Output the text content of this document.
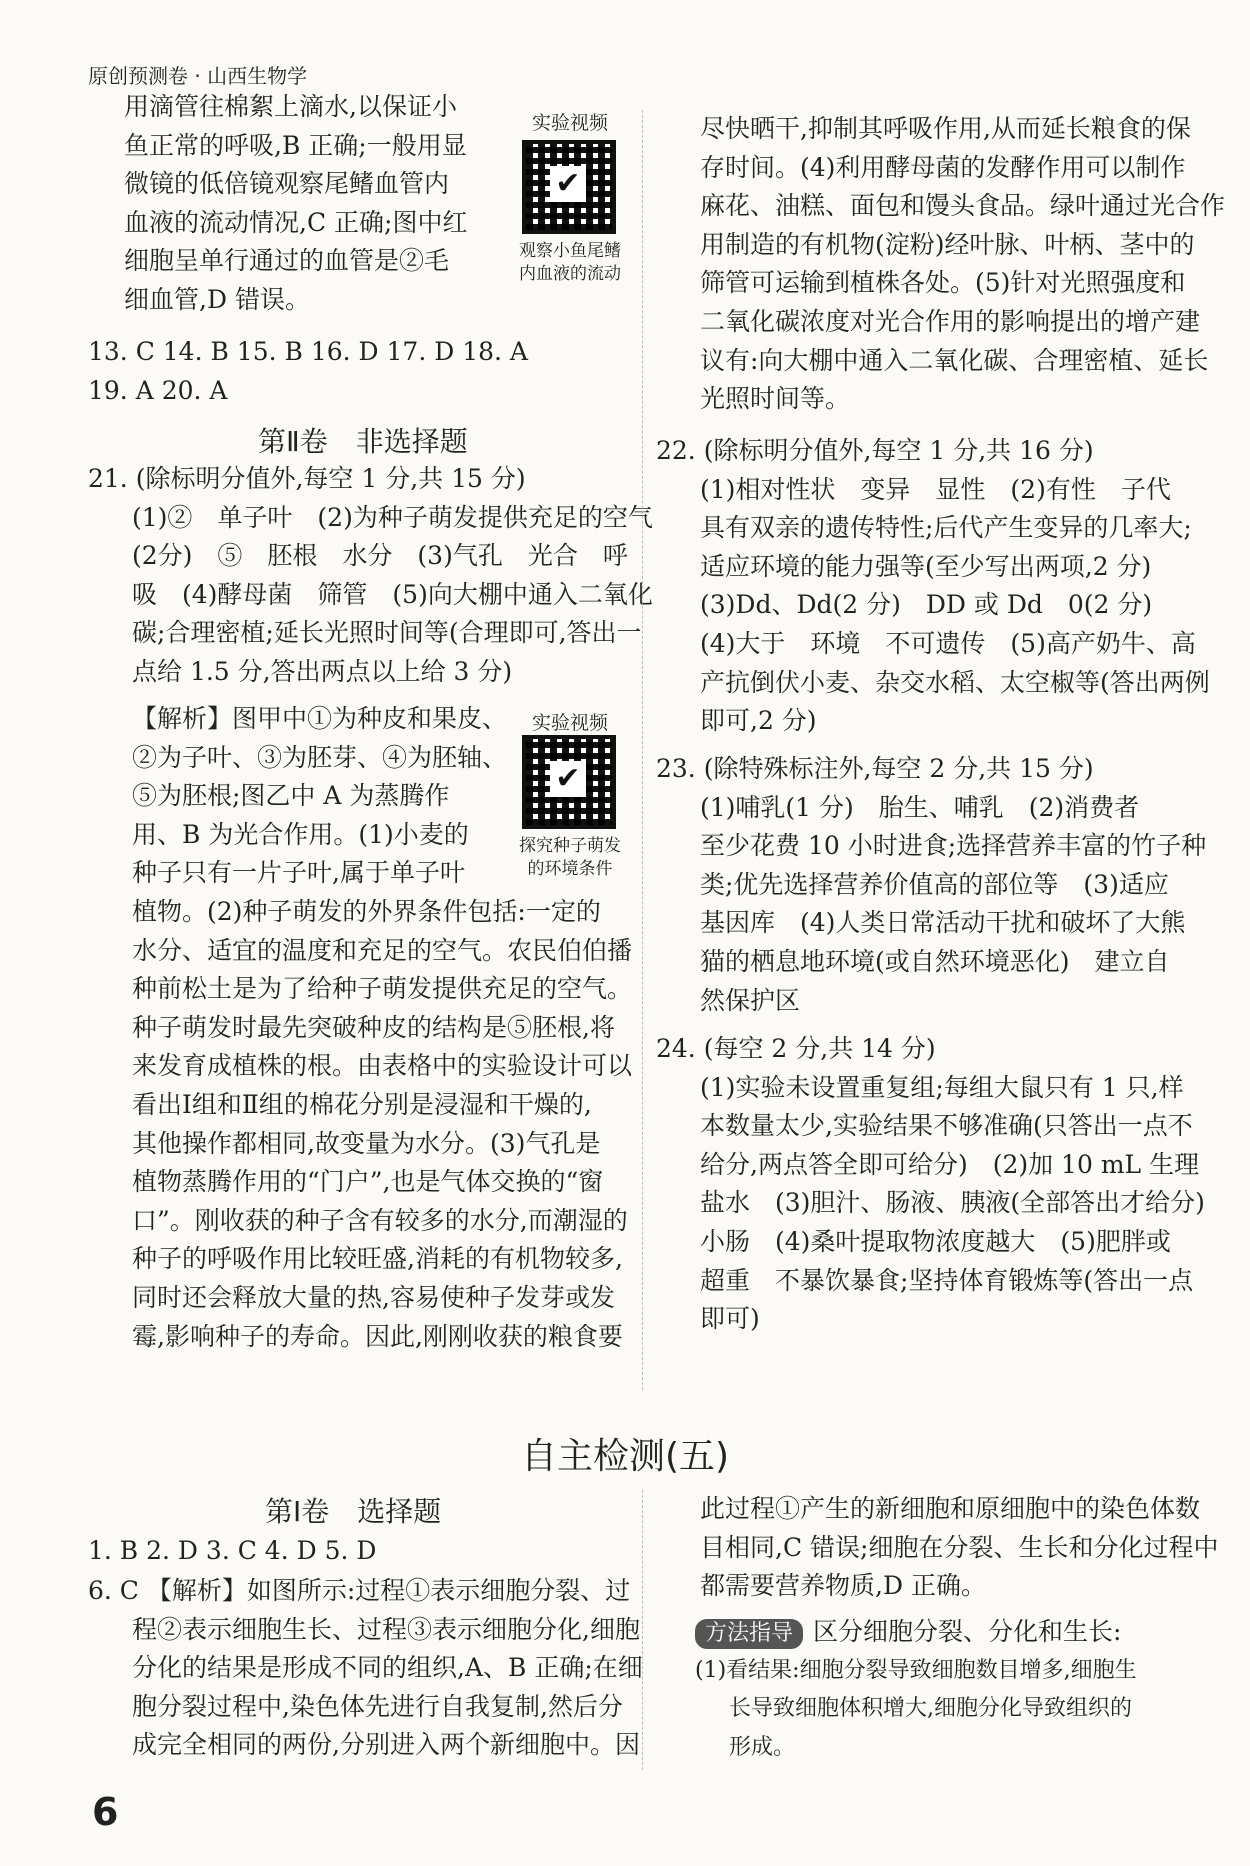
原创预测卷 · 山西生物学

用滴管往棉絮上滴水,以保证小

鱼正常的呼吸,B 正确;一般用显

微镜的低倍镜观察尾鳍血管内

血液的流动情况,C 正确;图中红

细胞呈单行通过的血管是②毛

细血管,D 错误。

实验视频
✔
观察小鱼尾鳍
内血液的流动

13. C 14. B 15. B 16. D 17. D 18. A

19. A 20. A

第Ⅱ卷　非选择题

21. (除标明分值外,每空 1 分,共 15 分)

(1)②　单子叶　(2)为种子萌发提供充足的空气

(2分)　⑤　胚根　水分　(3)气孔　光合　呼

吸　(4)酵母菌　筛管　(5)向大棚中通入二氧化

碳;合理密植;延长光照时间等(合理即可,答出一

点给 1.5 分,答出两点以上给 3 分)

实验视频
✔
探究种子萌发
的环境条件

【解析】图甲中①为种皮和果皮、

②为子叶、③为胚芽、④为胚轴、

⑤为胚根;图乙中 A 为蒸腾作

用、B 为光合作用。(1)小麦的

种子只有一片子叶,属于单子叶

植物。(2)种子萌发的外界条件包括:一定的

水分、适宜的温度和充足的空气。农民伯伯播

种前松土是为了给种子萌发提供充足的空气。

种子萌发时最先突破种皮的结构是⑤胚根,将

来发育成植株的根。由表格中的实验设计可以

看出Ⅰ组和Ⅱ组的棉花分别是浸湿和干燥的,

其他操作都相同,故变量为水分。(3)气孔是

植物蒸腾作用的“门户”,也是气体交换的“窗

口”。刚收获的种子含有较多的水分,而潮湿的

种子的呼吸作用比较旺盛,消耗的有机物较多,

同时还会释放大量的热,容易使种子发芽或发

霉,影响种子的寿命。因此,刚刚收获的粮食要

尽快晒干,抑制其呼吸作用,从而延长粮食的保

存时间。(4)利用酵母菌的发酵作用可以制作

麻花、油糕、面包和馒头食品。绿叶通过光合作

用制造的有机物(淀粉)经叶脉、叶柄、茎中的

筛管可运输到植株各处。(5)针对光照强度和

二氧化碳浓度对光合作用的影响提出的增产建

议有:向大棚中通入二氧化碳、合理密植、延长

光照时间等。

22. (除标明分值外,每空 1 分,共 16 分)

(1)相对性状　变异　显性　(2)有性　子代

具有双亲的遗传特性;后代产生变异的几率大;

适应环境的能力强等(至少写出两项,2 分)

(3)Dd、Dd(2 分)　DD 或 Dd　0(2 分)

(4)大于　环境　不可遗传　(5)高产奶牛、高

产抗倒伏小麦、杂交水稻、太空椒等(答出两例

即可,2 分)

23. (除特殊标注外,每空 2 分,共 15 分)

(1)哺乳(1 分)　胎生、哺乳　(2)消费者

至少花费 10 小时进食;选择营养丰富的竹子种

类;优先选择营养价值高的部位等　(3)适应

基因库　(4)人类日常活动干扰和破坏了大熊

猫的栖息地环境(或自然环境恶化)　建立自

然保护区

24. (每空 2 分,共 14 分)

(1)实验未设置重复组;每组大鼠只有 1 只,样

本数量太少,实验结果不够准确(只答出一点不

给分,两点答全即可给分)　(2)加 10 mL 生理

盐水　(3)胆汁、肠液、胰液(全部答出才给分)

小肠　(4)桑叶提取物浓度越大　(5)肥胖或

超重　不暴饮暴食;坚持体育锻炼等(答出一点

即可)

自主检测(五)
第Ⅰ卷　选择题

1. B 2. D 3. C 4. D 5. D

6. C 【解析】如图所示:过程①表示细胞分裂、过

程②表示细胞生长、过程③表示细胞分化,细胞

分化的结果是形成不同的组织,A、B 正确;在细

胞分裂过程中,染色体先进行自我复制,然后分

成完全相同的两份,分别进入两个新细胞中。因

此过程①产生的新细胞和原细胞中的染色体数

目相同,C 错误;细胞在分裂、生长和分化过程中

都需要营养物质,D 正确。

方法指导 区分细胞分裂、分化和生长:

(1)看结果:细胞分裂导致细胞数目增多,细胞生

长导致细胞体积增大,细胞分化导致组织的

形成。

6
